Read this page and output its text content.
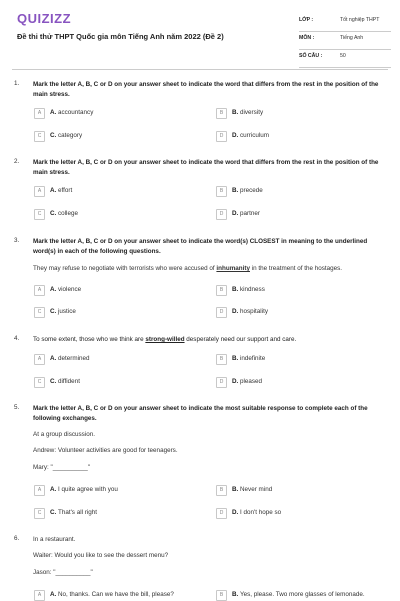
QUIZIZZ
Đề thi thử THPT Quốc gia môn Tiếng Anh năm 2022 (Đề 2)
LỚP :	Tốt nghiệp THPT
MÔN :	Tiếng Anh
SỐ CÂU :	50
1. Mark the letter A, B, C or D on your answer sheet to indicate the word that differs from the rest in the position of the main stress.
A	A. accountancy	B	B. diversity
C	C. category	D	D. curriculum
2. Mark the letter A, B, C or D on your answer sheet to indicate the word that differs from the rest in the position of the main stress.
A	A. effort	B	B. precede
C	C. college	D	D. partner
3. Mark the letter A, B, C or D on your answer sheet to indicate the word(s) CLOSEST in meaning to the underlined word(s) in each of the following questions.
They may refuse to negotiate with terrorists who were accused of inhumanity in the treatment of the hostages.
A	A. violence	B	B. kindness
C	C. justice	D	D. hospitality
4. To some extent, those who we think are strong-willed desperately need our support and care.
A	A. determined	B	B. indefinite
C	C. diffident	D	D. pleased
5. Mark the letter A, B, C or D on your answer sheet to indicate the most suitable response to complete each of the following exchanges.
At a group discussion.
Andrew: Volunteer activities are good for teenagers.
Mary: "__________"
A	A. I quite agree with you	B	B. Never mind
C	C. That's all right	D	D. I don't hope so
6. In a restaurant.
Waiter: Would you like to see the dessert menu?
Jason: "__________"
A	A. No, thanks. Can we have the bill, please?	B	B. Yes, please. Two more glasses of lemonade.
